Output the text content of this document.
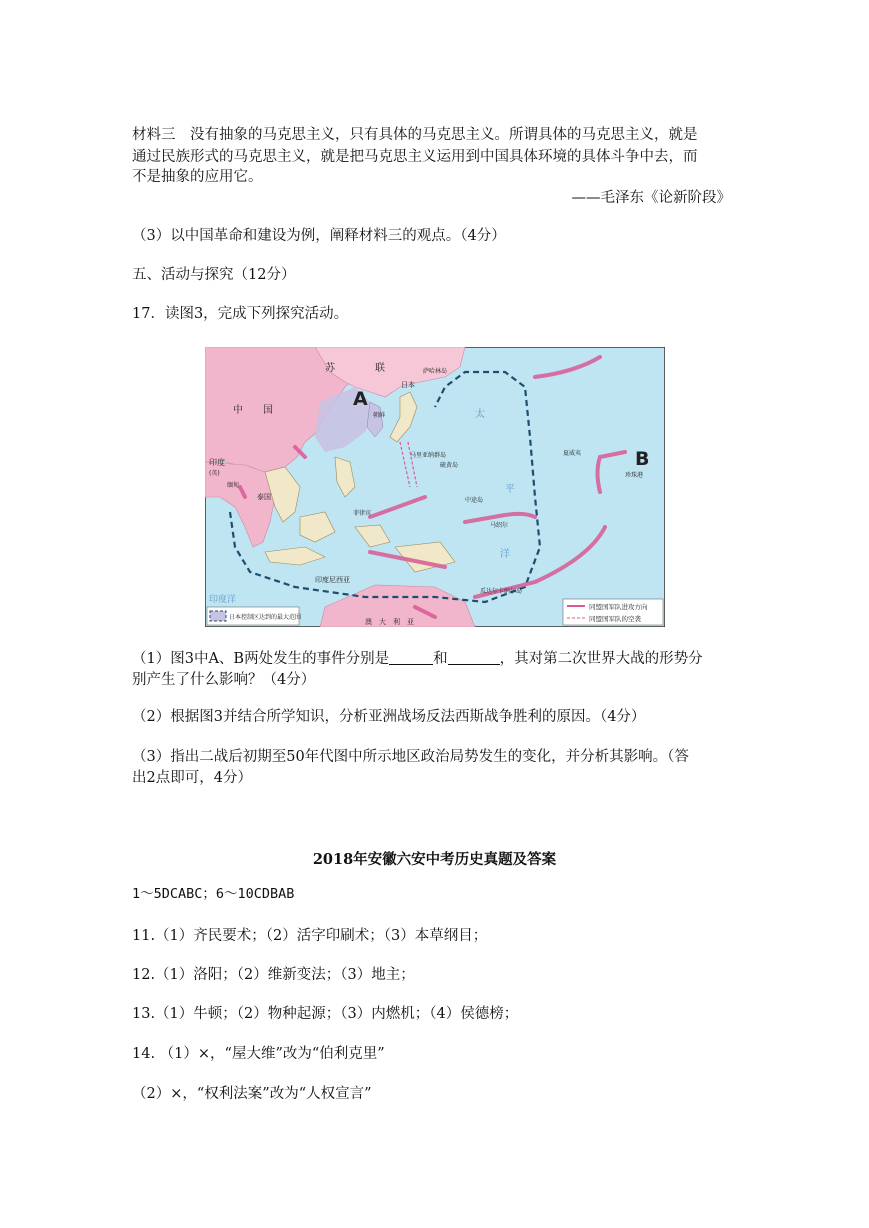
材料三　没有抽象的马克思主义，只有具体的马克思主义。所谓具体的马克思主义，就是
通过民族形式的马克思主义，就是把马克思主义运用到中国具体环境的具体斗争中去，而
不是抽象的应用它。
——毛泽东《论新阶段》
（3）以中国革命和建设为例，阐释材料三的观点。（4分）
五、活动与探究（12分）
17．读图3，完成下列探究活动。
A
B
中　　国
苏	联	萨哈林岛
日本
朝鲜	太
平
洋
印度
(英)
缅甸
泰国
菲律宾
印度尼西亚
澳　大　利　亚
印度洋
夏威夷
中途岛
瓜达尔卡纳尔岛
马里亚纳群岛
硫黄岛
马绍尔
珍珠港
日本控制区达到的最大范围
同盟国军队进攻方向
同盟国军队的空袭
（1）图3中A、B两处发生的事件分别是	和	，其对第二次世界大战的形势分
别产生了什么影响？（4分）
（2）根据图3并结合所学知识，分析亚洲战场反法西斯战争胜利的原因。（4分）
（3）指出二战后初期至50年代图中所示地区政治局势发生的变化，并分析其影响。（答
出2点即可，4分）
2018年安徽六安中考历史真题及答案
1～5DCABC；6～10CDBAB
11.（1）齐民要术；（2）活字印刷术；（3）本草纲目；
12.（1）洛阳；（2）维新变法；（3）地主；
13.（1）牛顿；（2）物种起源；（3）内燃机；（4）侯德榜；
14. （1）×，“屋大维”改为“伯利克里”
（2）×，“权利法案”改为“人权宣言”
